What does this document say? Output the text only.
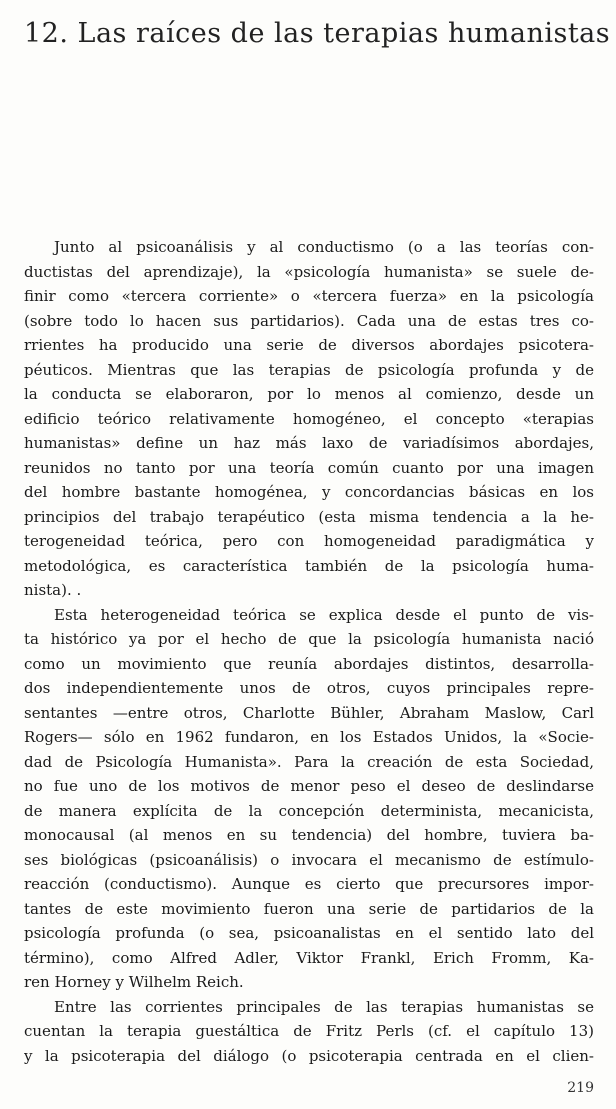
12. Las raíces de las terapias humanistas
Junto al psicoanálisis y al conductismo (o a las teorías con-
ductistas del aprendizaje), la «psicología humanista» se suele de-
finir como «tercera corriente» o «tercera fuerza» en la psicología
(sobre todo lo hacen sus partidarios). Cada una de estas tres co-
rrientes ha producido una serie de diversos abordajes psicotera-
péuticos. Mientras que las terapias de psicología profunda y de
la conducta se elaboraron, por lo menos al comienzo, desde un
edificio teórico relativamente homogéneo, el concepto «terapias
humanistas» define un haz más laxo de variadísimos abordajes,
reunidos no tanto por una teoría común cuanto por una imagen
del hombre bastante homogénea, y concordancias básicas en los
principios del trabajo terapéutico (esta misma tendencia a la he-
terogeneidad teórica, pero con homogeneidad paradigmática y
metodológica, es característica también de la psicología huma-
nista). .
Esta heterogeneidad teórica se explica desde el punto de vis-
ta histórico ya por el hecho de que la psicología humanista nació
como un movimiento que reunía abordajes distintos, desarrolla-
dos independientemente unos de otros, cuyos principales repre-
sentantes —entre otros, Charlotte Bühler, Abraham Maslow, Carl
Rogers— sólo en 1962 fundaron, en los Estados Unidos, la «Socie-
dad de Psicología Humanista». Para la creación de esta Sociedad,
no fue uno de los motivos de menor peso el deseo de deslindarse
de manera explícita de la concepción determinista, mecanicista,
monocausal (al menos en su tendencia) del hombre, tuviera ba-
ses biológicas (psicoanálisis) o invocara el mecanismo de estímulo-
reacción (conductismo). Aunque es cierto que precursores impor-
tantes de este movimiento fueron una serie de partidarios de la
psicología profunda (o sea, psicoanalistas en el sentido lato del
término), como Alfred Adler, Viktor Frankl, Erich Fromm, Ka-
ren Horney y Wilhelm Reich.
Entre las corrientes principales de las terapias humanistas se
cuentan la terapia guestáltica de Fritz Perls (cf. el capítulo 13)
y la psicoterapia del diálogo (o psicoterapia centrada en el clien-
219
